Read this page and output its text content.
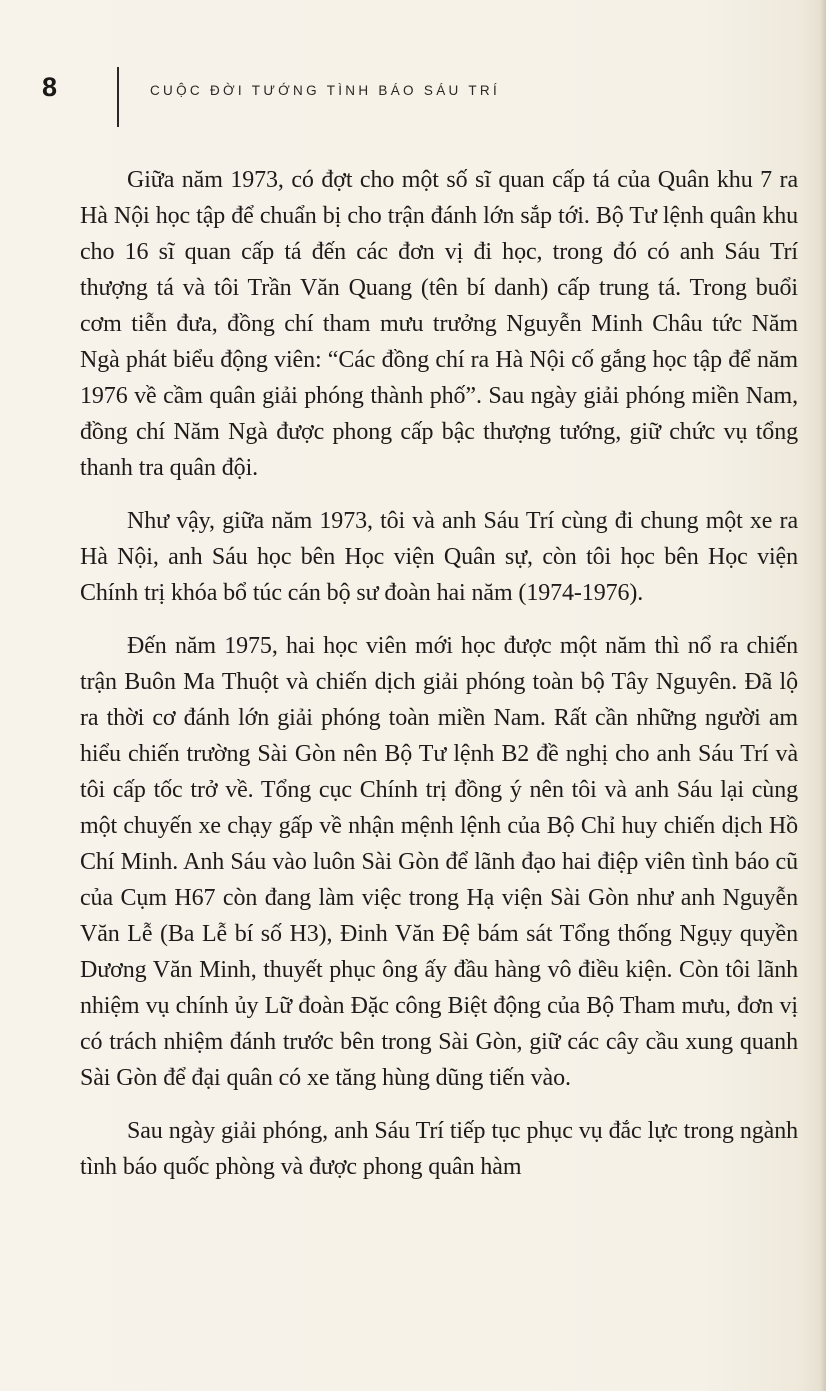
8	CUỘC ĐỜI TƯỚNG TÌNH BÁO SÁU TRÍ

Giữa năm 1973, có đợt cho một số sĩ quan cấp tá của Quân khu 7 ra Hà Nội học tập để chuẩn bị cho trận đánh lớn sắp tới. Bộ Tư lệnh quân khu cho 16 sĩ quan cấp tá đến các đơn vị đi học, trong đó có anh Sáu Trí thượng tá và tôi Trần Văn Quang (tên bí danh) cấp trung tá. Trong buổi cơm tiễn đưa, đồng chí tham mưu trưởng Nguyễn Minh Châu tức Năm Ngà phát biểu động viên: “Các đồng chí ra Hà Nội cố gắng học tập để năm 1976 về cầm quân giải phóng thành phố”. Sau ngày giải phóng miền Nam, đồng chí Năm Ngà được phong cấp bậc thượng tướng, giữ chức vụ tổng thanh tra quân đội.

Như vậy, giữa năm 1973, tôi và anh Sáu Trí cùng đi chung một xe ra Hà Nội, anh Sáu học bên Học viện Quân sự, còn tôi học bên Học viện Chính trị khóa bổ túc cán bộ sư đoàn hai năm (1974-1976).

Đến năm 1975, hai học viên mới học được một năm thì nổ ra chiến trận Buôn Ma Thuột và chiến dịch giải phóng toàn bộ Tây Nguyên. Đã lộ ra thời cơ đánh lớn giải phóng toàn miền Nam. Rất cần những người am hiểu chiến trường Sài Gòn nên Bộ Tư lệnh B2 đề nghị cho anh Sáu Trí và tôi cấp tốc trở về. Tổng cục Chính trị đồng ý nên tôi và anh Sáu lại cùng một chuyến xe chạy gấp về nhận mệnh lệnh của Bộ Chỉ huy chiến dịch Hồ Chí Minh. Anh Sáu vào luôn Sài Gòn để lãnh đạo hai điệp viên tình báo cũ của Cụm H67 còn đang làm việc trong Hạ viện Sài Gòn như anh Nguyễn Văn Lễ (Ba Lễ bí số H3), Đinh Văn Đệ bám sát Tổng thống Ngụy quyền Dương Văn Minh, thuyết phục ông ấy đầu hàng vô điều kiện. Còn tôi lãnh nhiệm vụ chính ủy Lữ đoàn Đặc công Biệt động của Bộ Tham mưu, đơn vị có trách nhiệm đánh trước bên trong Sài Gòn, giữ các cây cầu xung quanh Sài Gòn để đại quân có xe tăng hùng dũng tiến vào.

Sau ngày giải phóng, anh Sáu Trí tiếp tục phục vụ đắc lực trong ngành tình báo quốc phòng và được phong quân hàm
